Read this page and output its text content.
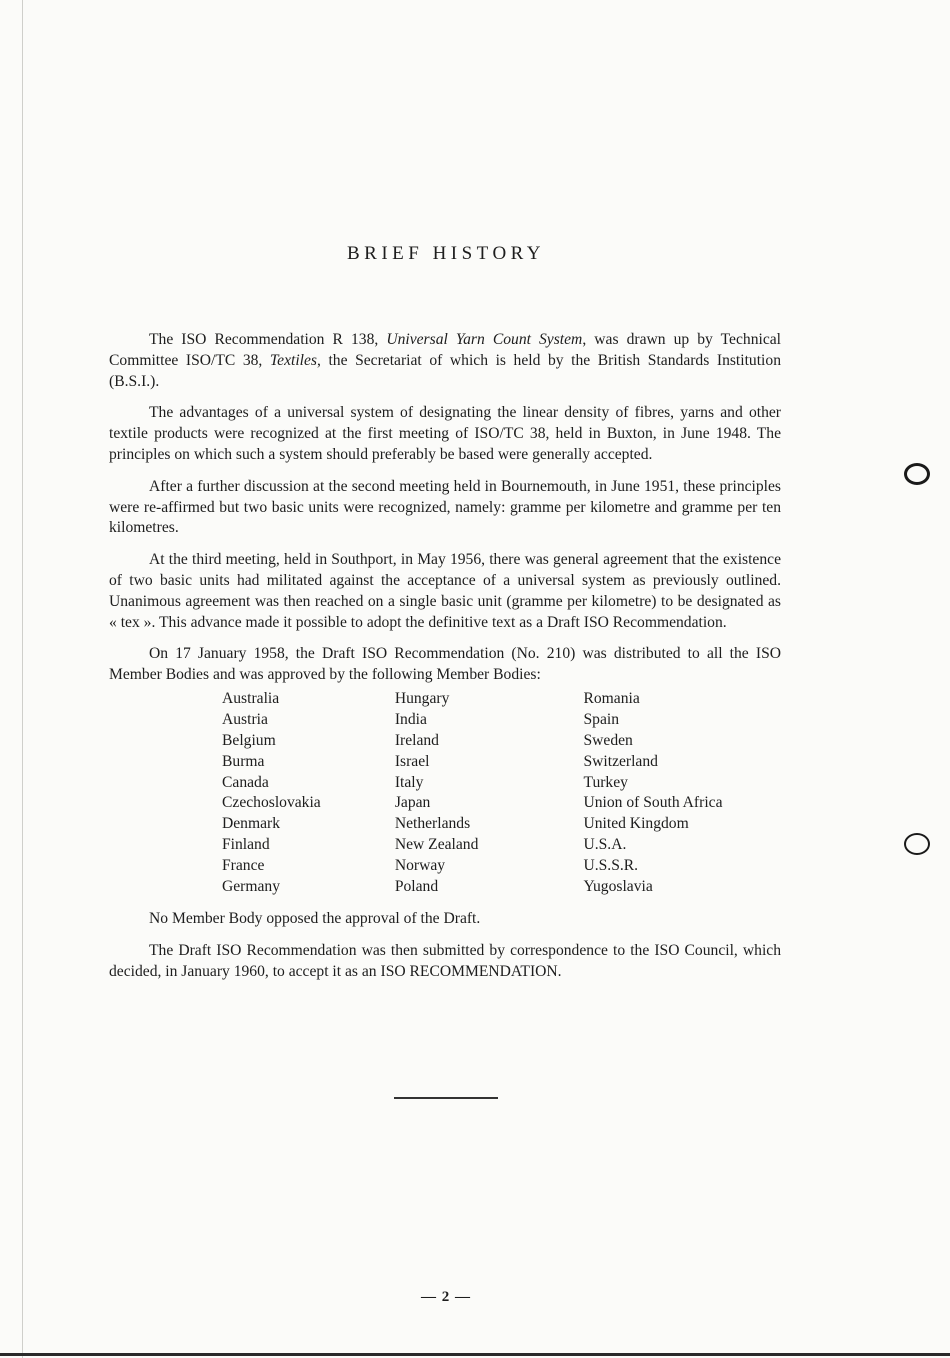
BRIEF HISTORY

The ISO Recommendation R 138, Universal Yarn Count System, was drawn up by Technical Committee ISO/TC 38, Textiles, the Secretariat of which is held by the British Standards Institution (B.S.I.).

The advantages of a universal system of designating the linear density of fibres, yarns and other textile products were recognized at the first meeting of ISO/TC 38, held in Buxton, in June 1948. The principles on which such a system should preferably be based were generally accepted.

After a further discussion at the second meeting held in Bournemouth, in June 1951, these principles were re-affirmed but two basic units were recognized, namely: gramme per kilometre and gramme per ten kilometres.

At the third meeting, held in Southport, in May 1956, there was general agreement that the existence of two basic units had militated against the acceptance of a universal system as previously outlined. Unanimous agreement was then reached on a single basic unit (gramme per kilometre) to be designated as « tex ». This advance made it possible to adopt the definitive text as a Draft ISO Recommendation.

On 17 January 1958, the Draft ISO Recommendation (No. 210) was distributed to all the ISO Member Bodies and was approved by the following Member Bodies:

Australia
Austria
Belgium
Burma
Canada
Czechoslovakia
Denmark
Finland
France
Germany
Hungary
India
Ireland
Israel
Italy
Japan
Netherlands
New Zealand
Norway
Poland
Romania
Spain
Sweden
Switzerland
Turkey
Union of South Africa
United Kingdom
U.S.A.
U.S.S.R.
Yugoslavia

No Member Body opposed the approval of the Draft.

The Draft ISO Recommendation was then submitted by correspondence to the ISO Council, which decided, in January 1960, to accept it as an ISO RECOMMENDATION.

— 2 —
